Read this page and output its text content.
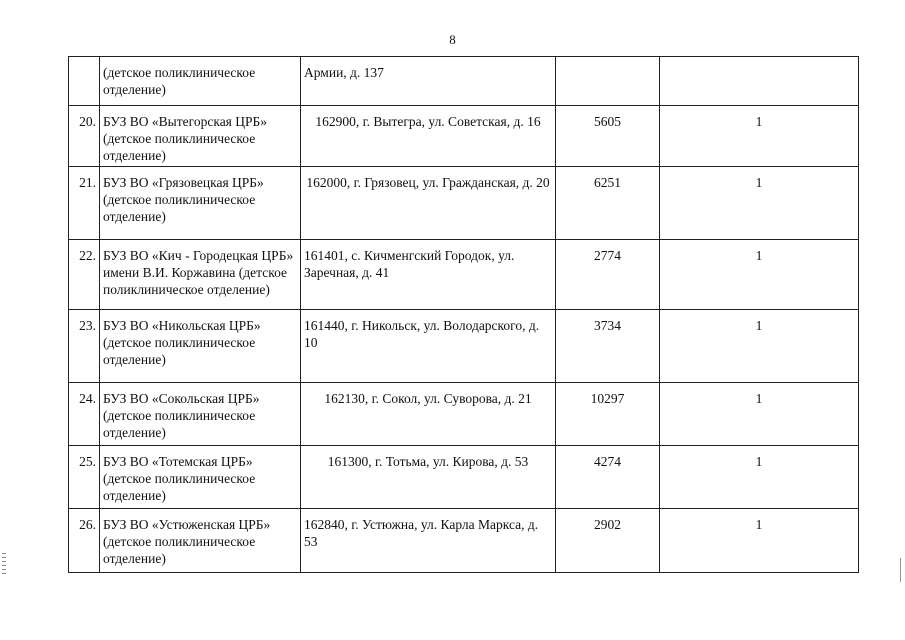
8
	(детское поликлиническое отделение)	Армии, д. 137		
20.	БУЗ ВО «Вытегорская ЦРБ» (детское поликлиническое отделение)	162900, г. Вытегра, ул. Советская, д. 16	5605	1
21.	БУЗ ВО «Грязовецкая ЦРБ» (детское поликлиническое отделение)	162000, г. Грязовец, ул. Гражданская, д. 20	6251	1
22.	БУЗ ВО «Кич - Городецкая ЦРБ» имени В.И. Коржавина (детское поликлиническое отделение)	161401, с. Кичменгский Городок, ул. Заречная, д. 41	2774	1
23.	БУЗ ВО «Никольская ЦРБ» (детское поликлиническое отделение)	161440, г. Никольск, ул. Володарского, д. 10	3734	1
24.	БУЗ ВО «Сокольская ЦРБ» (детское поликлиническое отделение)	162130, г. Сокол, ул. Суворова, д. 21	10297	1
25.	БУЗ ВО «Тотемская ЦРБ» (детское поликлиническое отделение)	161300, г. Тотьма, ул. Кирова, д. 53	4274	1
26.	БУЗ ВО «Устюженская ЦРБ» (детское поликлиническое отделение)	162840, г. Устюжна, ул. Карла Маркса, д. 53	2902	1
